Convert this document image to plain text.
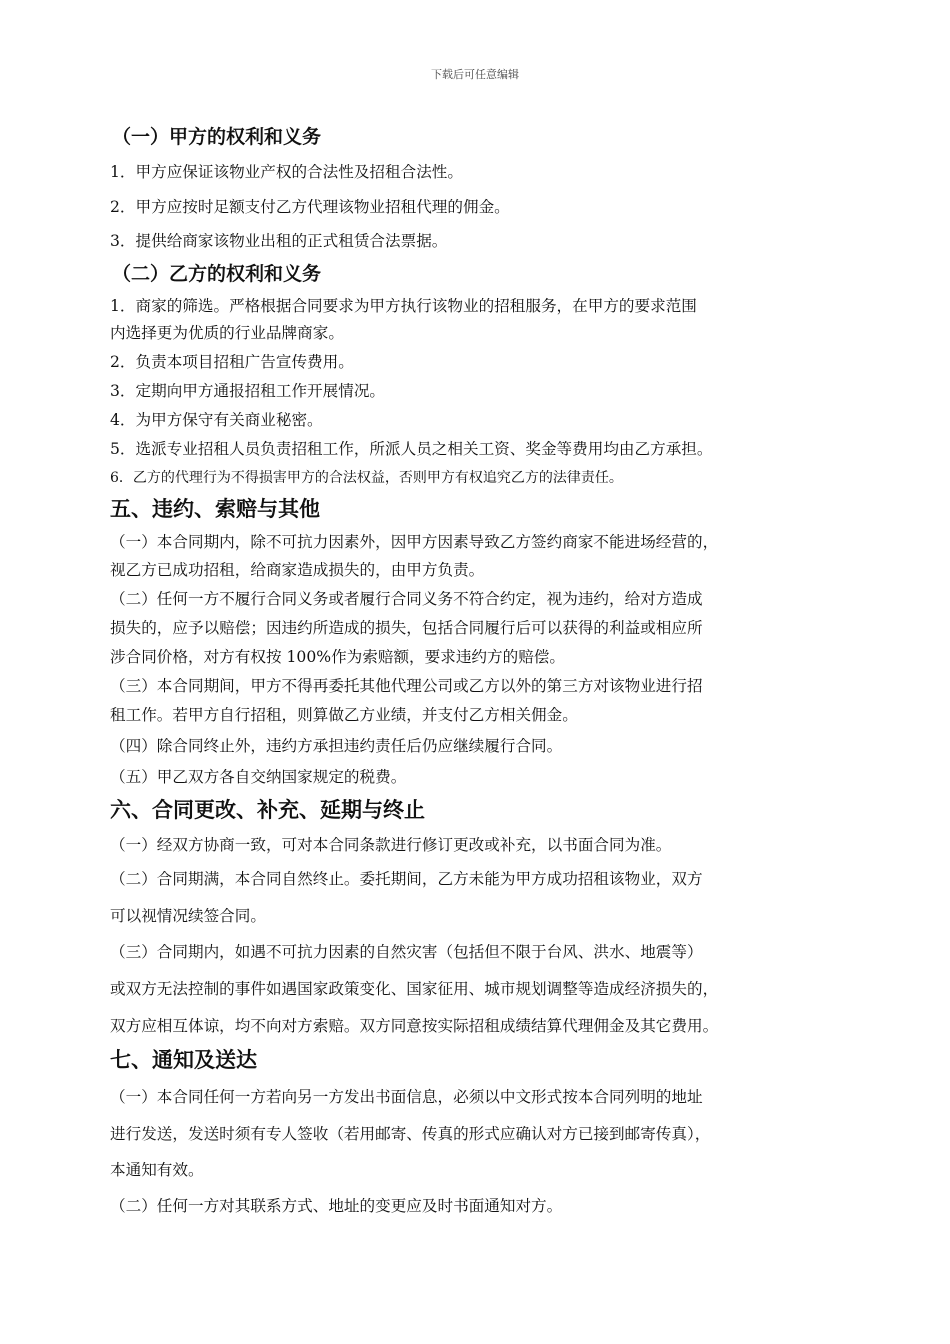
下载后可任意编辑
（一）甲方的权利和义务
1．甲方应保证该物业产权的合法性及招租合法性。
2．甲方应按时足额支付乙方代理该物业招租代理的佣金。
3．提供给商家该物业出租的正式租赁合法票据。
（二）乙方的权利和义务
1．商家的筛选。严格根据合同要求为甲方执行该物业的招租服务，在甲方的要求范围
内选择更为优质的行业品牌商家。
2．负责本项目招租广告宣传费用。
3．定期向甲方通报招租工作开展情况。
4．为甲方保守有关商业秘密。
5．选派专业招租人员负责招租工作，所派人员之相关工资、奖金等费用均由乙方承担。
6．乙方的代理行为不得损害甲方的合法权益，否则甲方有权追究乙方的法律责任。
五、违约、索赔与其他
（一）本合同期内，除不可抗力因素外，因甲方因素导致乙方签约商家不能进场经营的，
视乙方已成功招租，给商家造成损失的，由甲方负责。
（二）任何一方不履行合同义务或者履行合同义务不符合约定，视为违约，给对方造成
损失的，应予以赔偿；因违约所造成的损失，包括合同履行后可以获得的利益或相应所
涉合同价格，对方有权按 100%作为索赔额，要求违约方的赔偿。
（三）本合同期间，甲方不得再委托其他代理公司或乙方以外的第三方对该物业进行招
租工作。若甲方自行招租，则算做乙方业绩，并支付乙方相关佣金。
（四）除合同终止外，违约方承担违约责任后仍应继续履行合同。
（五）甲乙双方各自交纳国家规定的税费。
六、合同更改、补充、延期与终止
（一）经双方协商一致，可对本合同条款进行修订更改或补充，以书面合同为准。
（二）合同期满，本合同自然终止。委托期间，乙方未能为甲方成功招租该物业，双方
可以视情况续签合同。
（三）合同期内，如遇不可抗力因素的自然灾害（包括但不限于台风、洪水、地震等）
或双方无法控制的事件如遇国家政策变化、国家征用、城市规划调整等造成经济损失的，
双方应相互体谅，均不向对方索赔。双方同意按实际招租成绩结算代理佣金及其它费用。
七、通知及送达
（一）本合同任何一方若向另一方发出书面信息，必须以中文形式按本合同列明的地址
进行发送，发送时须有专人签收（若用邮寄、传真的形式应确认对方已接到邮寄传真），
本通知有效。
（二）任何一方对其联系方式、地址的变更应及时书面通知对方。
